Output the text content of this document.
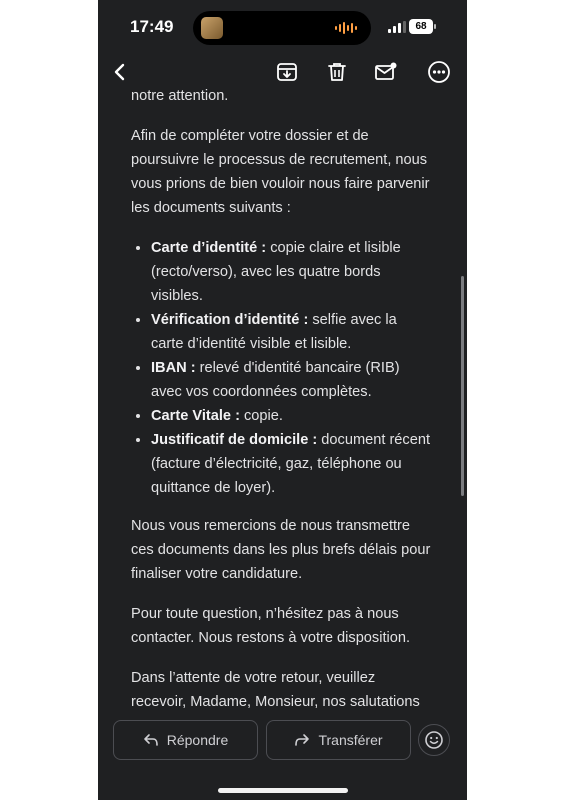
17:49	68

notre attention.

Afin de compléter votre dossier et de poursuivre le processus de recrutement, nous vous prions de bien vouloir nous faire parvenir les documents suivants :

• Carte d’identité : copie claire et lisible (recto/verso), avec les quatre bords visibles.
• Vérification d’identité : selfie avec la carte d’identité visible et lisible.
• IBAN : relevé d'identité bancaire (RIB) avec vos coordonnées complètes.
• Carte Vitale : copie.
• Justificatif de domicile : document récent (facture d’électricité, gaz, téléphone ou quittance de loyer).

Nous vous remercions de nous transmettre ces documents dans les plus brefs délais pour finaliser votre candidature.

Pour toute question, n’hésitez pas à nous contacter. Nous restons à votre disposition.

Dans l’attente de votre retour, veuillez recevoir, Madame, Monsieur, nos salutations

Répondre	Transférer
